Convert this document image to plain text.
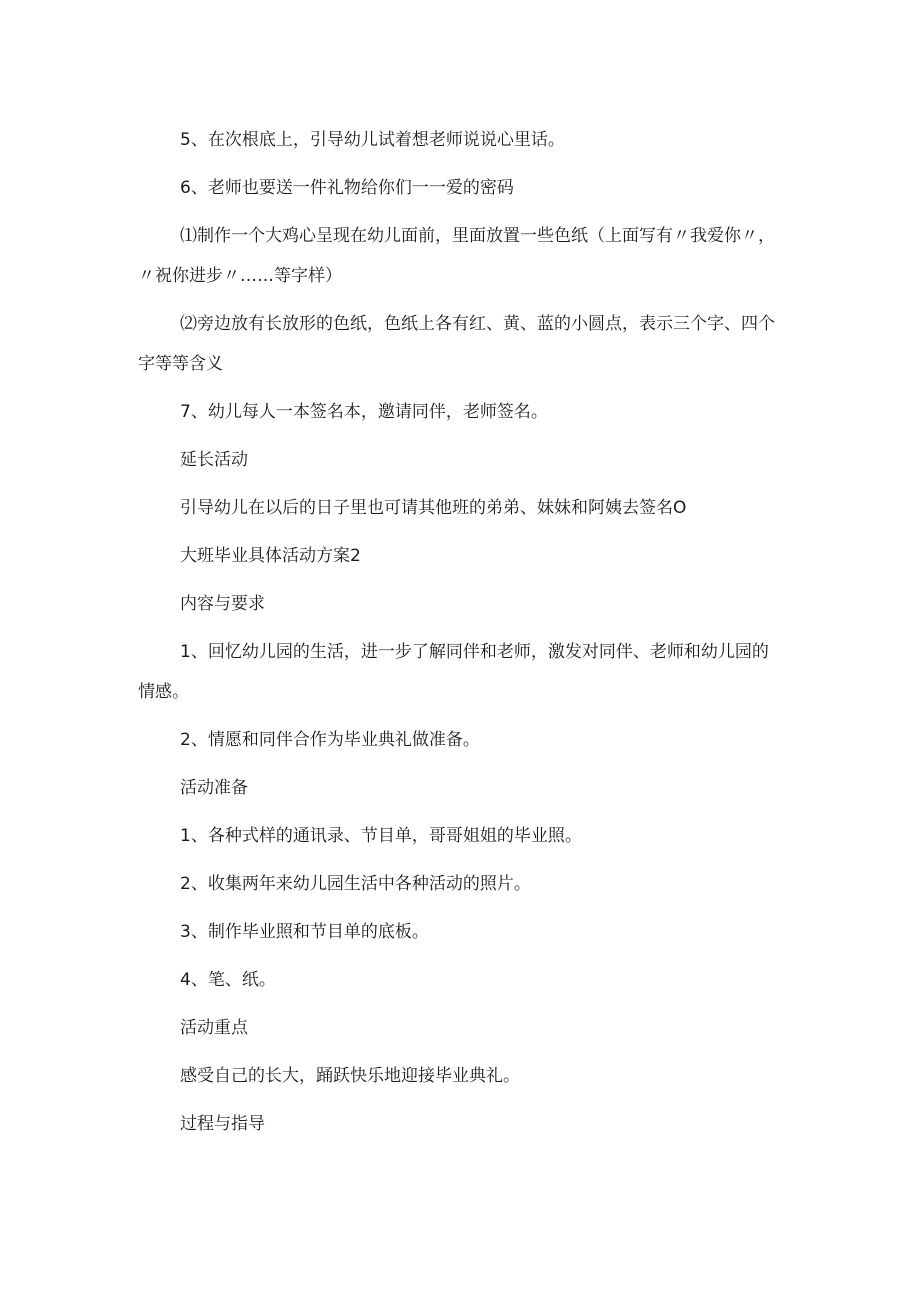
5、在次根底上，引导幼儿试着想老师说说心里话。

6、老师也要送一件礼物给你们一一爱的密码

⑴制作一个大鸡心呈现在幼儿面前，里面放置一些色纸（上面写有〃我爱你〃，〃祝你进步〃……等字样）

⑵旁边放有长放形的色纸，色纸上各有红、黄、蓝的小圆点，表示三个字、四个字等等含义

7、幼儿每人一本签名本，邀请同伴，老师签名。

延长活动

引导幼儿在以后的日子里也可请其他班的弟弟、妹妹和阿姨去签名O

大班毕业具体活动方案2

内容与要求

1、回忆幼儿园的生活，进一步了解同伴和老师，激发对同伴、老师和幼儿园的情感。

2、情愿和同伴合作为毕业典礼做准备。

活动准备

1、各种式样的通讯录、节目单，哥哥姐姐的毕业照。

2、收集两年来幼儿园生活中各种活动的照片。

3、制作毕业照和节目单的底板。

4、笔、纸。

活动重点

感受自己的长大，踊跃快乐地迎接毕业典礼。

过程与指导
